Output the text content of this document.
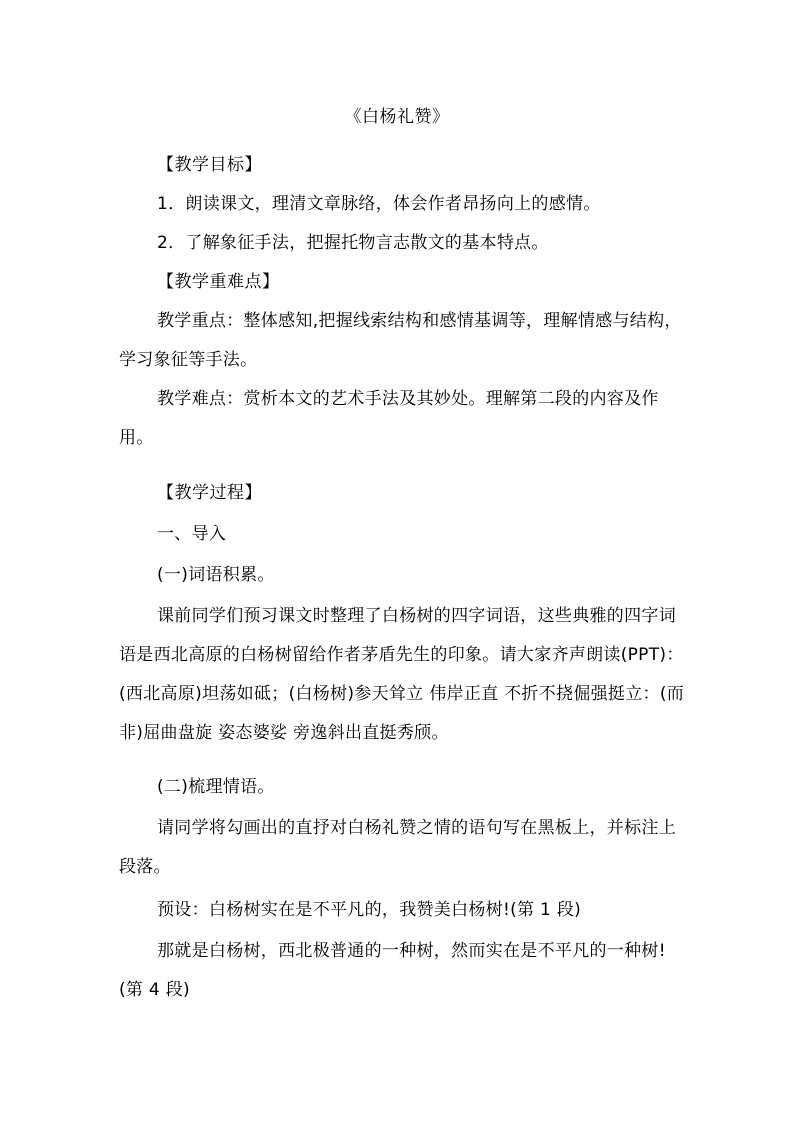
《白杨礼赞》

【教学目标】

1．朗读课文，理清文章脉络，体会作者昂扬向上的感情。

2．了解象征手法，把握托物言志散文的基本特点。

【教学重难点】

教学重点：整体感知,把握线索结构和感情基调等，理解情感与结构，学习象征等手法。

教学难点：赏析本文的艺术手法及其妙处。理解第二段的内容及作用。

【教学过程】

一、导入

(一)词语积累。

课前同学们预习课文时整理了白杨树的四字词语，这些典雅的四字词语是西北高原的白杨树留给作者茅盾先生的印象。请大家齐声朗读(PPT)：(西北高原)坦荡如砥；(白杨树)参天耸立 伟岸正直 不折不挠倔强挺立：(而非)屈曲盘旋 姿态婆娑 旁逸斜出直挺秀颀。

(二)梳理情语。

请同学将勾画出的直抒对白杨礼赞之情的语句写在黑板上，并标注上段落。

预设：白杨树实在是不平凡的，我赞美白杨树!(第 1 段)

那就是白杨树，西北极普通的一种树，然而实在是不平凡的一种树!(第 4 段)
